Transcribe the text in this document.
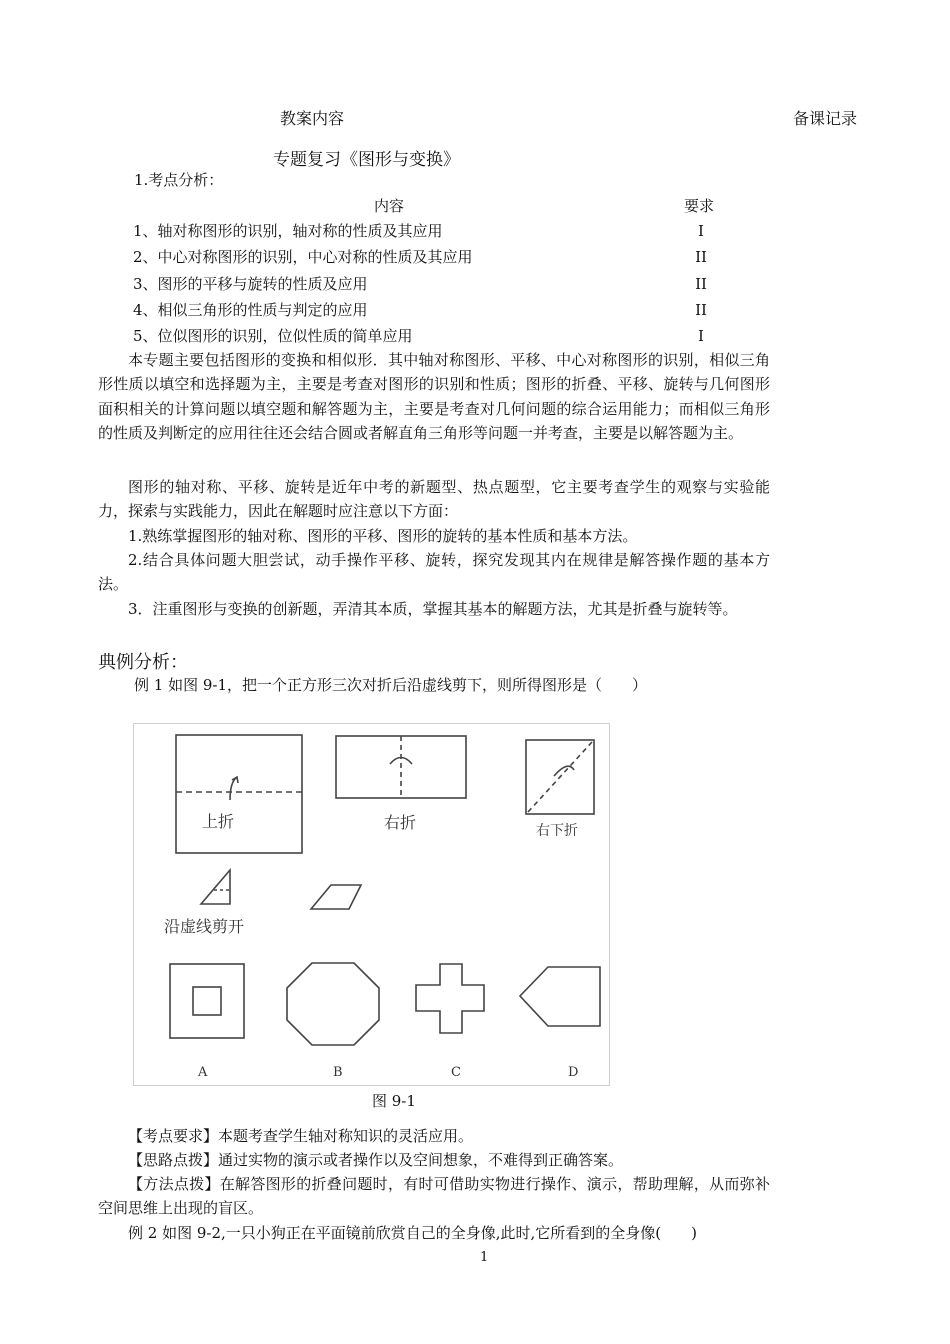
教案内容	备课记录
专题复习《图形与变换》
1.考点分析：
内容	要求
1、轴对称图形的识别，轴对称的性质及其应用	I
2、中心对称图形的识别，中心对称的性质及其应用	II
3、图形的平移与旋转的性质及应用	II
4、相似三角形的性质与判定的应用	II
5、位似图形的识别，位似性质的简单应用	I
本专题主要包括图形的变换和相似形．其中轴对称图形、平移、中心对称图形的识别，相似三角形性质以填空和选择题为主，主要是考查对图形的识别和性质；图形的折叠、平移、旋转与几何图形面积相关的计算问题以填空题和解答题为主，主要是考查对几何问题的综合运用能力；而相似三角形的性质及判断定的应用往往还会结合圆或者解直角三角形等问题一并考查，主要是以解答题为主。
图形的轴对称、平移、旋转是近年中考的新题型、热点题型，它主要考查学生的观察与实验能力，探索与实践能力，因此在解题时应注意以下方面：
1.熟练掌握图形的轴对称、图形的平移、图形的旋转的基本性质和基本方法。
2.结合具体问题大胆尝试，动手操作平移、旋转，探究发现其内在规律是解答操作题的基本方法。
3．注重图形与变换的创新题，弄清其本质，掌握其基本的解题方法，尤其是折叠与旋转等。
典例分析：
例 1 如图 9-1，把一个正方形三次对折后沿虚线剪下，则所得图形是（　　）
上折	右折	右下折
沿虚线剪开
A	B	C	D
图 9-1
【考点要求】本题考查学生轴对称知识的灵活应用。
【思路点拨】通过实物的演示或者操作以及空间想象，不难得到正确答案。
【方法点拨】在解答图形的折叠问题时，有时可借助实物进行操作、演示，帮助理解，从而弥补空间思维上出现的盲区。
例 2 如图 9-2,一只小狗正在平面镜前欣赏自己的全身像,此时,它所看到的全身像(　　)
1
